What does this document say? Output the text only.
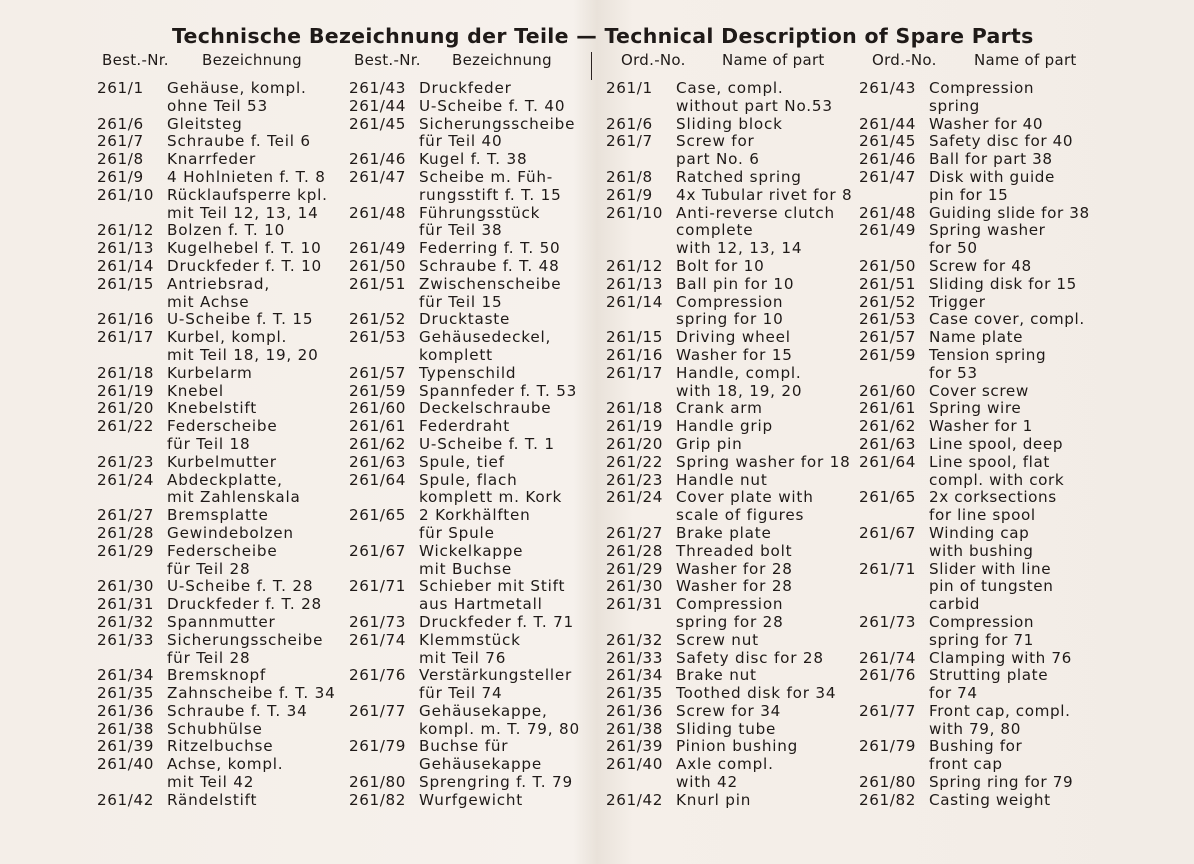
Technische Bezeichnung der Teile — Technical Description of Spare Parts
Best.-Nr. Bezeichnung	Best.-Nr. Bezeichnung	Ord.-No. Name of part	Ord.-No. Name of part
261/1	Gehäuse, kompl.
ohne Teil 53
261/6	Gleitsteg
261/7	Schraube f. Teil 6
261/8	Knarrfeder
261/9	4 Hohlnieten f. T. 8
261/10 Rücklaufsperre kpl.
mit Teil 12, 13, 14
261/12 Bolzen f. T. 10
261/13 Kugelhebel f. T. 10
261/14 Druckfeder f. T. 10
261/15 Antriebsrad,
mit Achse
261/16 U-Scheibe f. T. 15
261/17 Kurbel, kompl.
mit Teil 18, 19, 20
261/18 Kurbelarm
261/19 Knebel
261/20 Knebelstift
261/22 Federscheibe
für Teil 18
261/23 Kurbelmutter
261/24 Abdeckplatte,
mit Zahlenskala
261/27 Bremsplatte
261/28 Gewindebolzen
261/29 Federscheibe
für Teil 28
261/30 U-Scheibe f. T. 28
261/31 Druckfeder f. T. 28
261/32 Spannmutter
261/33 Sicherungsscheibe
für Teil 28
261/34 Bremsknopf
261/35 Zahnscheibe f. T. 34
261/36 Schraube f. T. 34
261/38 Schubhülse
261/39 Ritzelbuchse
261/40 Achse, kompl.
mit Teil 42
261/42 Rändelstift
261/43 Druckfeder
261/44 U-Scheibe f. T. 40
261/45 Sicherungsscheibe
für Teil 40
261/46 Kugel f. T. 38
261/47 Scheibe m. Füh-
rungsstift f. T. 15
261/48 Führungsstück
für Teil 38
261/49 Federring f. T. 50
261/50 Schraube f. T. 48
261/51 Zwischenscheibe
für Teil 15
261/52 Drucktaste
261/53 Gehäusedeckel,
komplett
261/57 Typenschild
261/59 Spannfeder f. T. 53
261/60 Deckelschraube
261/61 Federdraht
261/62 U-Scheibe f. T. 1
261/63 Spule, tief
261/64 Spule, flach
komplett m. Kork
261/65 2 Korkhälften
für Spule
261/67 Wickelkappe
mit Buchse
261/71 Schieber mit Stift
aus Hartmetall
261/73 Druckfeder f. T. 71
261/74 Klemmstück
mit Teil 76
261/76 Verstärkungsteller
für Teil 74
261/77 Gehäusekappe,
kompl. m. T. 79, 80
261/79 Buchse für
Gehäusekappe
261/80 Sprengring f. T. 79
261/82 Wurfgewicht
261/1	Case, compl.
without part No.53
261/6	Sliding block
261/7	Screw for
part No. 6
261/8	Ratched spring
261/9	4x Tubular rivet for 8
261/10 Anti-reverse clutch
complete
with 12, 13, 14
261/12 Bolt for 10
261/13 Ball pin for 10
261/14 Compression
spring for 10
261/15 Driving wheel
261/16 Washer for 15
261/17 Handle, compl.
with 18, 19, 20
261/18 Crank arm
261/19 Handle grip
261/20 Grip pin
261/22 Spring washer for 18
261/23 Handle nut
261/24 Cover plate with
scale of figures
261/27 Brake plate
261/28 Threaded bolt
261/29 Washer for 28
261/30 Washer for 28
261/31 Compression
spring for 28
261/32 Screw nut
261/33 Safety disc for 28
261/34 Brake nut
261/35 Toothed disk for 34
261/36 Screw for 34
261/38 Sliding tube
261/39 Pinion bushing
261/40 Axle compl.
with 42
261/42 Knurl pin
261/43 Compression
spring
261/44 Washer for 40
261/45 Safety disc for 40
261/46 Ball for part 38
261/47 Disk with guide
pin for 15
261/48 Guiding slide for 38
261/49 Spring washer
for 50
261/50 Screw for 48
261/51 Sliding disk for 15
261/52 Trigger
261/53 Case cover, compl.
261/57 Name plate
261/59 Tension spring
for 53
261/60 Cover screw
261/61 Spring wire
261/62 Washer for 1
261/63 Line spool, deep
261/64 Line spool, flat
compl. with cork
261/65 2x corksections
for line spool
261/67 Winding cap
with bushing
261/71 Slider with line
pin of tungsten
carbid
261/73 Compression
spring for 71
261/74 Clamping with 76
261/76 Strutting plate
for 74
261/77 Front cap, compl.
with 79, 80
261/79 Bushing for
front cap
261/80 Spring ring for 79
261/82 Casting weight
